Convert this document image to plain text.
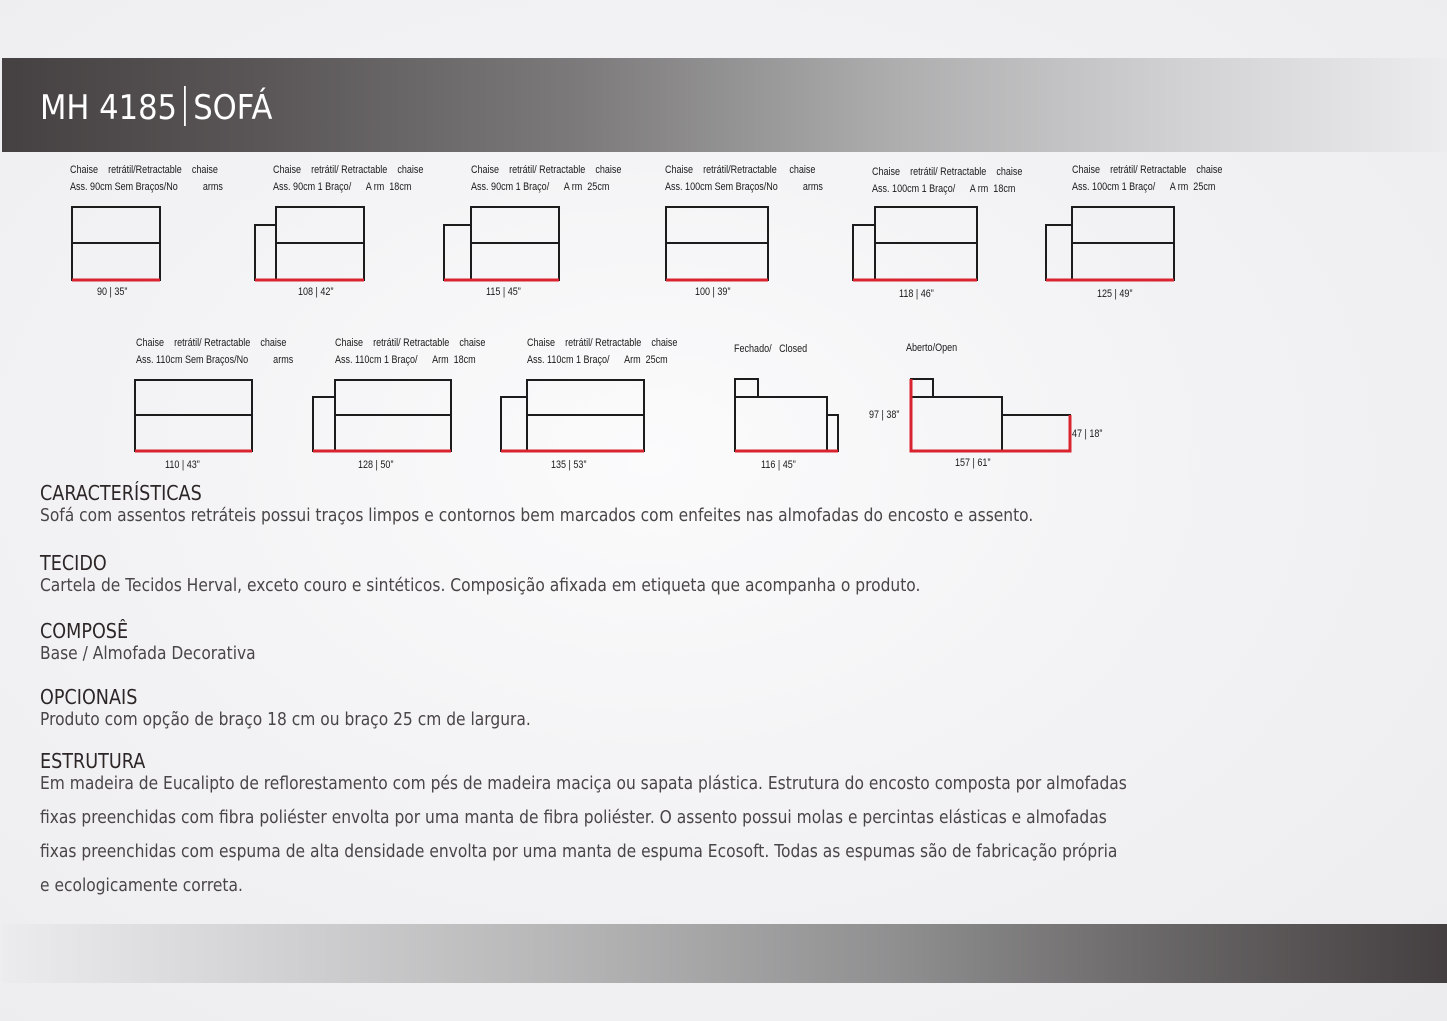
MH 4185 SOFÁ
Chaise    retrátil/Retractable    chaise
Ass. 90cm Sem Braços/No          arms
Chaise    retrátil/ Retractable    chaise
Ass. 90cm 1 Braço/      A rm  18cm
Chaise    retrátil/ Retractable    chaise
Ass. 90cm 1 Braço/      A rm  25cm
Chaise    retrátil/Retractable     chaise
Ass. 100cm Sem Braços/No          arms
Chaise    retrátil/ Retractable    chaise
Ass. 100cm 1 Braço/      A rm  18cm
Chaise    retrátil/ Retractable    chaise
Ass. 100cm 1 Braço/      A rm  25cm
90 | 35”	108 | 42”	115 | 45”	100 | 39”	118 | 46”	125 | 49”
Chaise    retrátil/ Retractable    chaise
Ass. 110cm Sem Braços/No          arms
Chaise    retrátil/ Retractable    chaise
Ass. 110cm 1 Braço/      Arm  18cm
Chaise    retrátil/ Retractable    chaise
Ass. 110cm 1 Braço/      Arm  25cm
Fechado/   Closed	Aberto/Open
110 | 43”	128 | 50”	135 | 53”	116 | 45”	157 | 61”
97 | 38”
47 | 18”
CARACTERÍSTICAS

Sofá com assentos retráteis possui traços limpos e contornos bem marcados com enfeites nas almofadas do encosto e assento.

TECIDO

Cartela de Tecidos Herval, exceto couro e sintéticos. Composição afixada em etiqueta que acompanha o produto.

COMPOSÊ

Base / Almofada Decorativa

OPCIONAIS

Produto com opção de braço 18 cm ou braço 25 cm de largura.

ESTRUTURA

Em madeira de Eucalipto de reflorestamento com pés de madeira maciça ou sapata plástica. Estrutura do encosto composta por almofadas
fixas preenchidas com fibra poliéster envolta por uma manta de fibra poliéster. O assento possui molas e percintas elásticas e almofadas
fixas preenchidas com espuma de alta densidade envolta por uma manta de espuma Ecosoft. Todas as espumas são de fabricação própria
e ecologicamente correta.
